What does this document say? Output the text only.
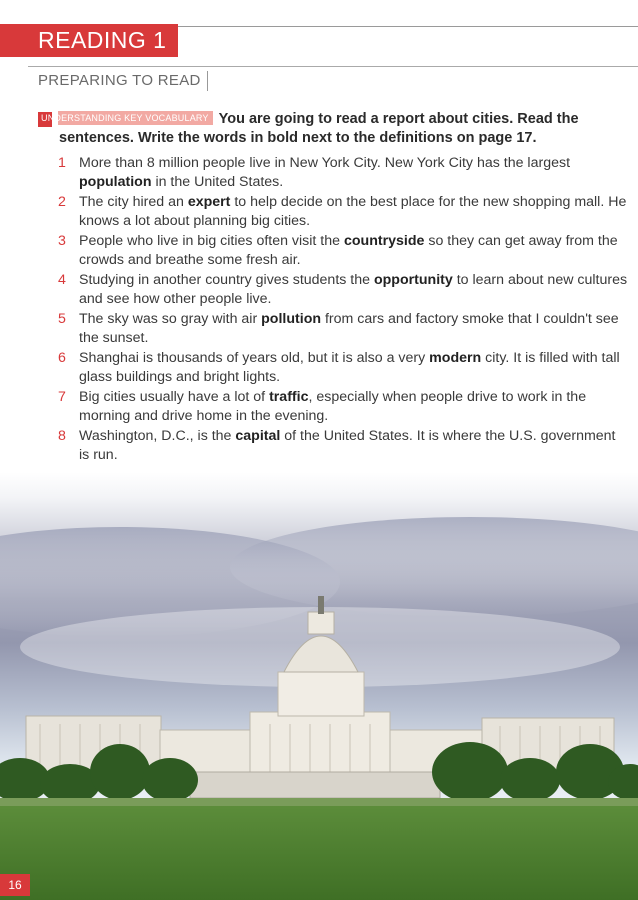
READING 1
PREPARING TO READ
1 UNDERSTANDING KEY VOCABULARY You are going to read a report about cities. Read the sentences. Write the words in bold next to the definitions on page 17.
1 More than 8 million people live in New York City. New York City has the largest population in the United States.
2 The city hired an expert to help decide on the best place for the new shopping mall. He knows a lot about planning big cities.
3 People who live in big cities often visit the countryside so they can get away from the crowds and breathe some fresh air.
4 Studying in another country gives students the opportunity to learn about new cultures and see how other people live.
5 The sky was so gray with air pollution from cars and factory smoke that I couldn't see the sunset.
6 Shanghai is thousands of years old, but it is also a very modern city. It is filled with tall glass buildings and bright lights.
7 Big cities usually have a lot of traffic, especially when people drive to work in the morning and drive home in the evening.
8 Washington, D.C., is the capital of the United States. It is where the U.S. government is run.
16
